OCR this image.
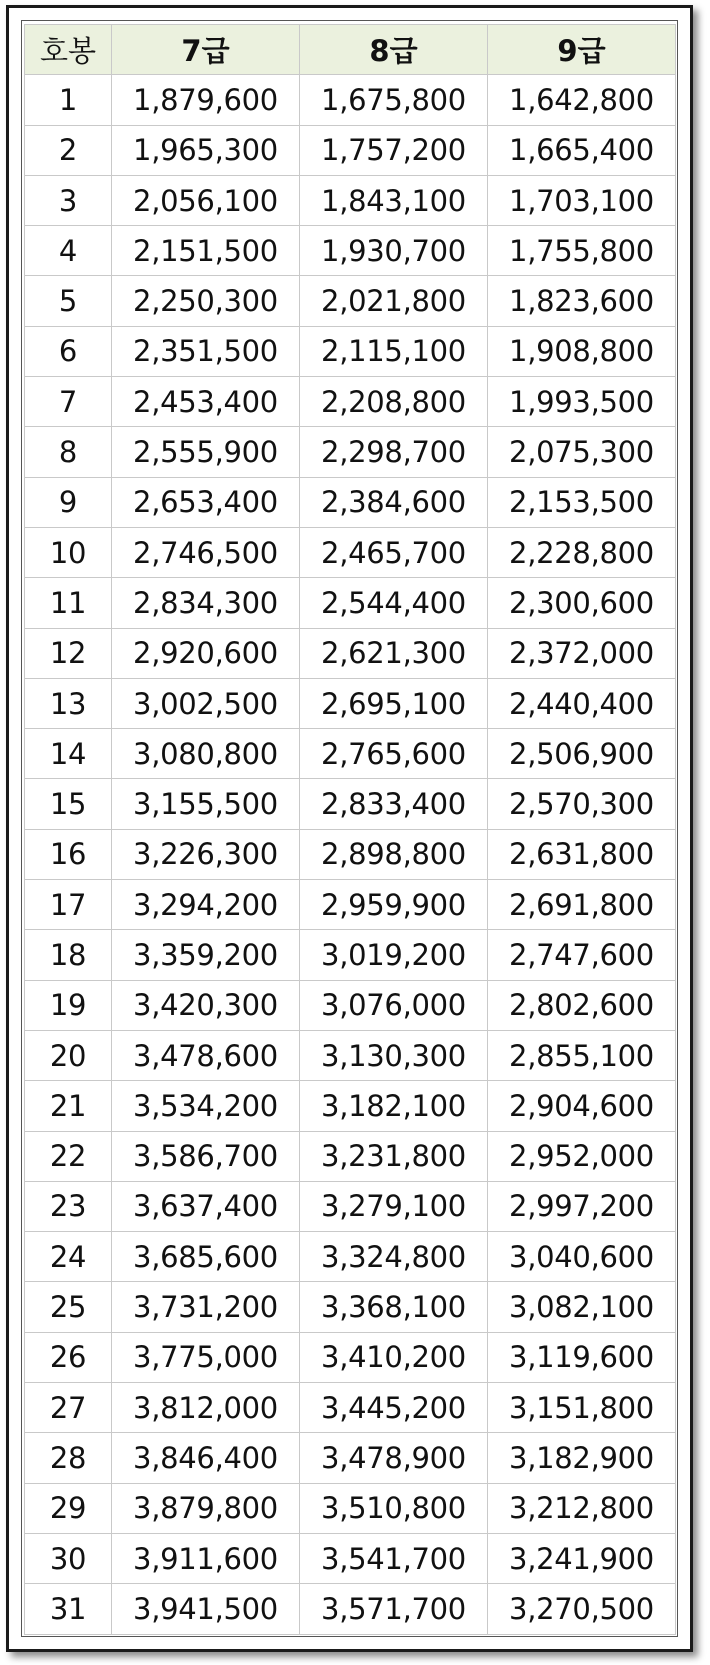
호봉	7급	8급	9급
1	1,879,600	1,675,800	1,642,800
2	1,965,300	1,757,200	1,665,400
3	2,056,100	1,843,100	1,703,100
4	2,151,500	1,930,700	1,755,800
5	2,250,300	2,021,800	1,823,600
6	2,351,500	2,115,100	1,908,800
7	2,453,400	2,208,800	1,993,500
8	2,555,900	2,298,700	2,075,300
9	2,653,400	2,384,600	2,153,500
10	2,746,500	2,465,700	2,228,800
11	2,834,300	2,544,400	2,300,600
12	2,920,600	2,621,300	2,372,000
13	3,002,500	2,695,100	2,440,400
14	3,080,800	2,765,600	2,506,900
15	3,155,500	2,833,400	2,570,300
16	3,226,300	2,898,800	2,631,800
17	3,294,200	2,959,900	2,691,800
18	3,359,200	3,019,200	2,747,600
19	3,420,300	3,076,000	2,802,600
20	3,478,600	3,130,300	2,855,100
21	3,534,200	3,182,100	2,904,600
22	3,586,700	3,231,800	2,952,000
23	3,637,400	3,279,100	2,997,200
24	3,685,600	3,324,800	3,040,600
25	3,731,200	3,368,100	3,082,100
26	3,775,000	3,410,200	3,119,600
27	3,812,000	3,445,200	3,151,800
28	3,846,400	3,478,900	3,182,900
29	3,879,800	3,510,800	3,212,800
30	3,911,600	3,541,700	3,241,900
31	3,941,500	3,571,700	3,270,500
